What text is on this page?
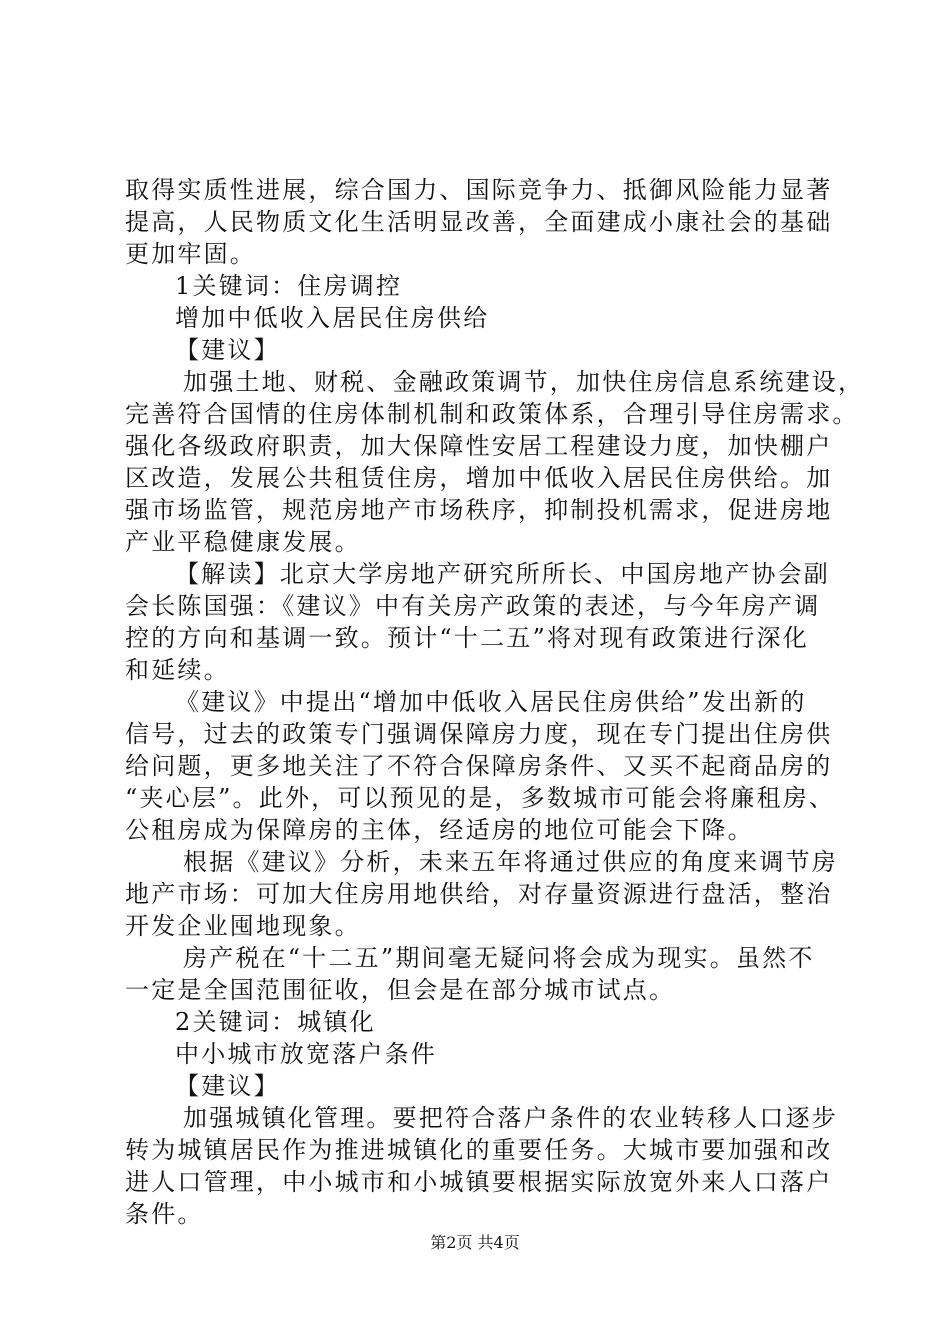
取得实质性进展，综合国力、国际竞争力、抵御风险能力显著
提高，人民物质文化生活明显改善，全面建成小康社会的基础
更加牢固。
1关键词：住房调控
增加中低收入居民住房供给
【建议】
加强土地、财税、金融政策调节，加快住房信息系统建设，
完善符合国情的住房体制机制和政策体系，合理引导住房需求。
强化各级政府职责，加大保障性安居工程建设力度，加快棚户
区改造，发展公共租赁住房，增加中低收入居民住房供给。加
强市场监管，规范房地产市场秩序，抑制投机需求，促进房地
产业平稳健康发展。
【解读】北京大学房地产研究所所长、中国房地产协会副
会长陈国强：《建议》中有关房产政策的表述，与今年房产调
控的方向和基调一致。预计“十二五”将对现有政策进行深化
和延续。
《建议》中提出“增加中低收入居民住房供给”发出新的
信号，过去的政策专门强调保障房力度，现在专门提出住房供
给问题，更多地关注了不符合保障房条件、又买不起商品房的
“夹心层”。此外，可以预见的是，多数城市可能会将廉租房、
公租房成为保障房的主体，经适房的地位可能会下降。
根据《建议》分析，未来五年将通过供应的角度来调节房
地产市场：可加大住房用地供给，对存量资源进行盘活，整治
开发企业囤地现象。
房产税在“十二五”期间毫无疑问将会成为现实。虽然不
一定是全国范围征收，但会是在部分城市试点。
2关键词：城镇化
中小城市放宽落户条件
【建议】
加强城镇化管理。要把符合落户条件的农业转移人口逐步
转为城镇居民作为推进城镇化的重要任务。大城市要加强和改
进人口管理，中小城市和小城镇要根据实际放宽外来人口落户
条件。
第2页 共4页
